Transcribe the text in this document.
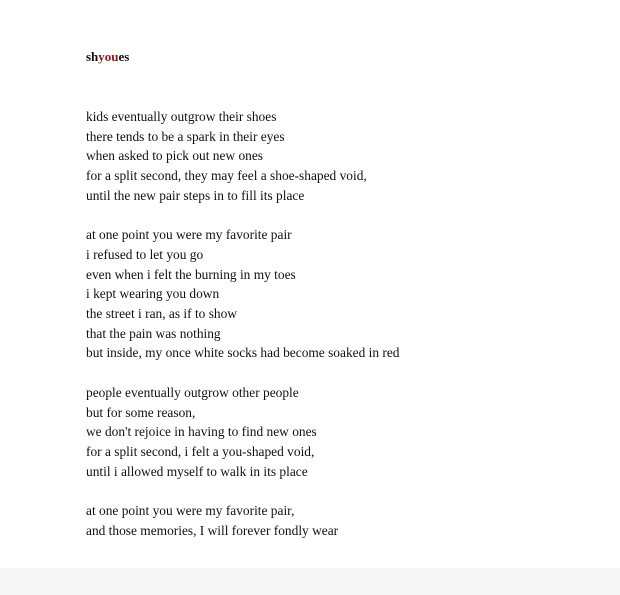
shyoues
kids eventually outgrow their shoes
there tends to be a spark in their eyes
when asked to pick out new ones
for a split second, they may feel a shoe-shaped void,
until the new pair steps in to fill its place
at one point you were my favorite pair
i refused to let you go
even when i felt the burning in my toes
i kept wearing you down
the street i ran, as if to show
that the pain was nothing
but inside, my once white socks had become soaked in red
people eventually outgrow other people
but for some reason,
we don't rejoice in having to find new ones
for a split second, i felt a you-shaped void,
until i allowed myself to walk in its place
at one point you were my favorite pair,
and those memories, I will forever fondly wear
